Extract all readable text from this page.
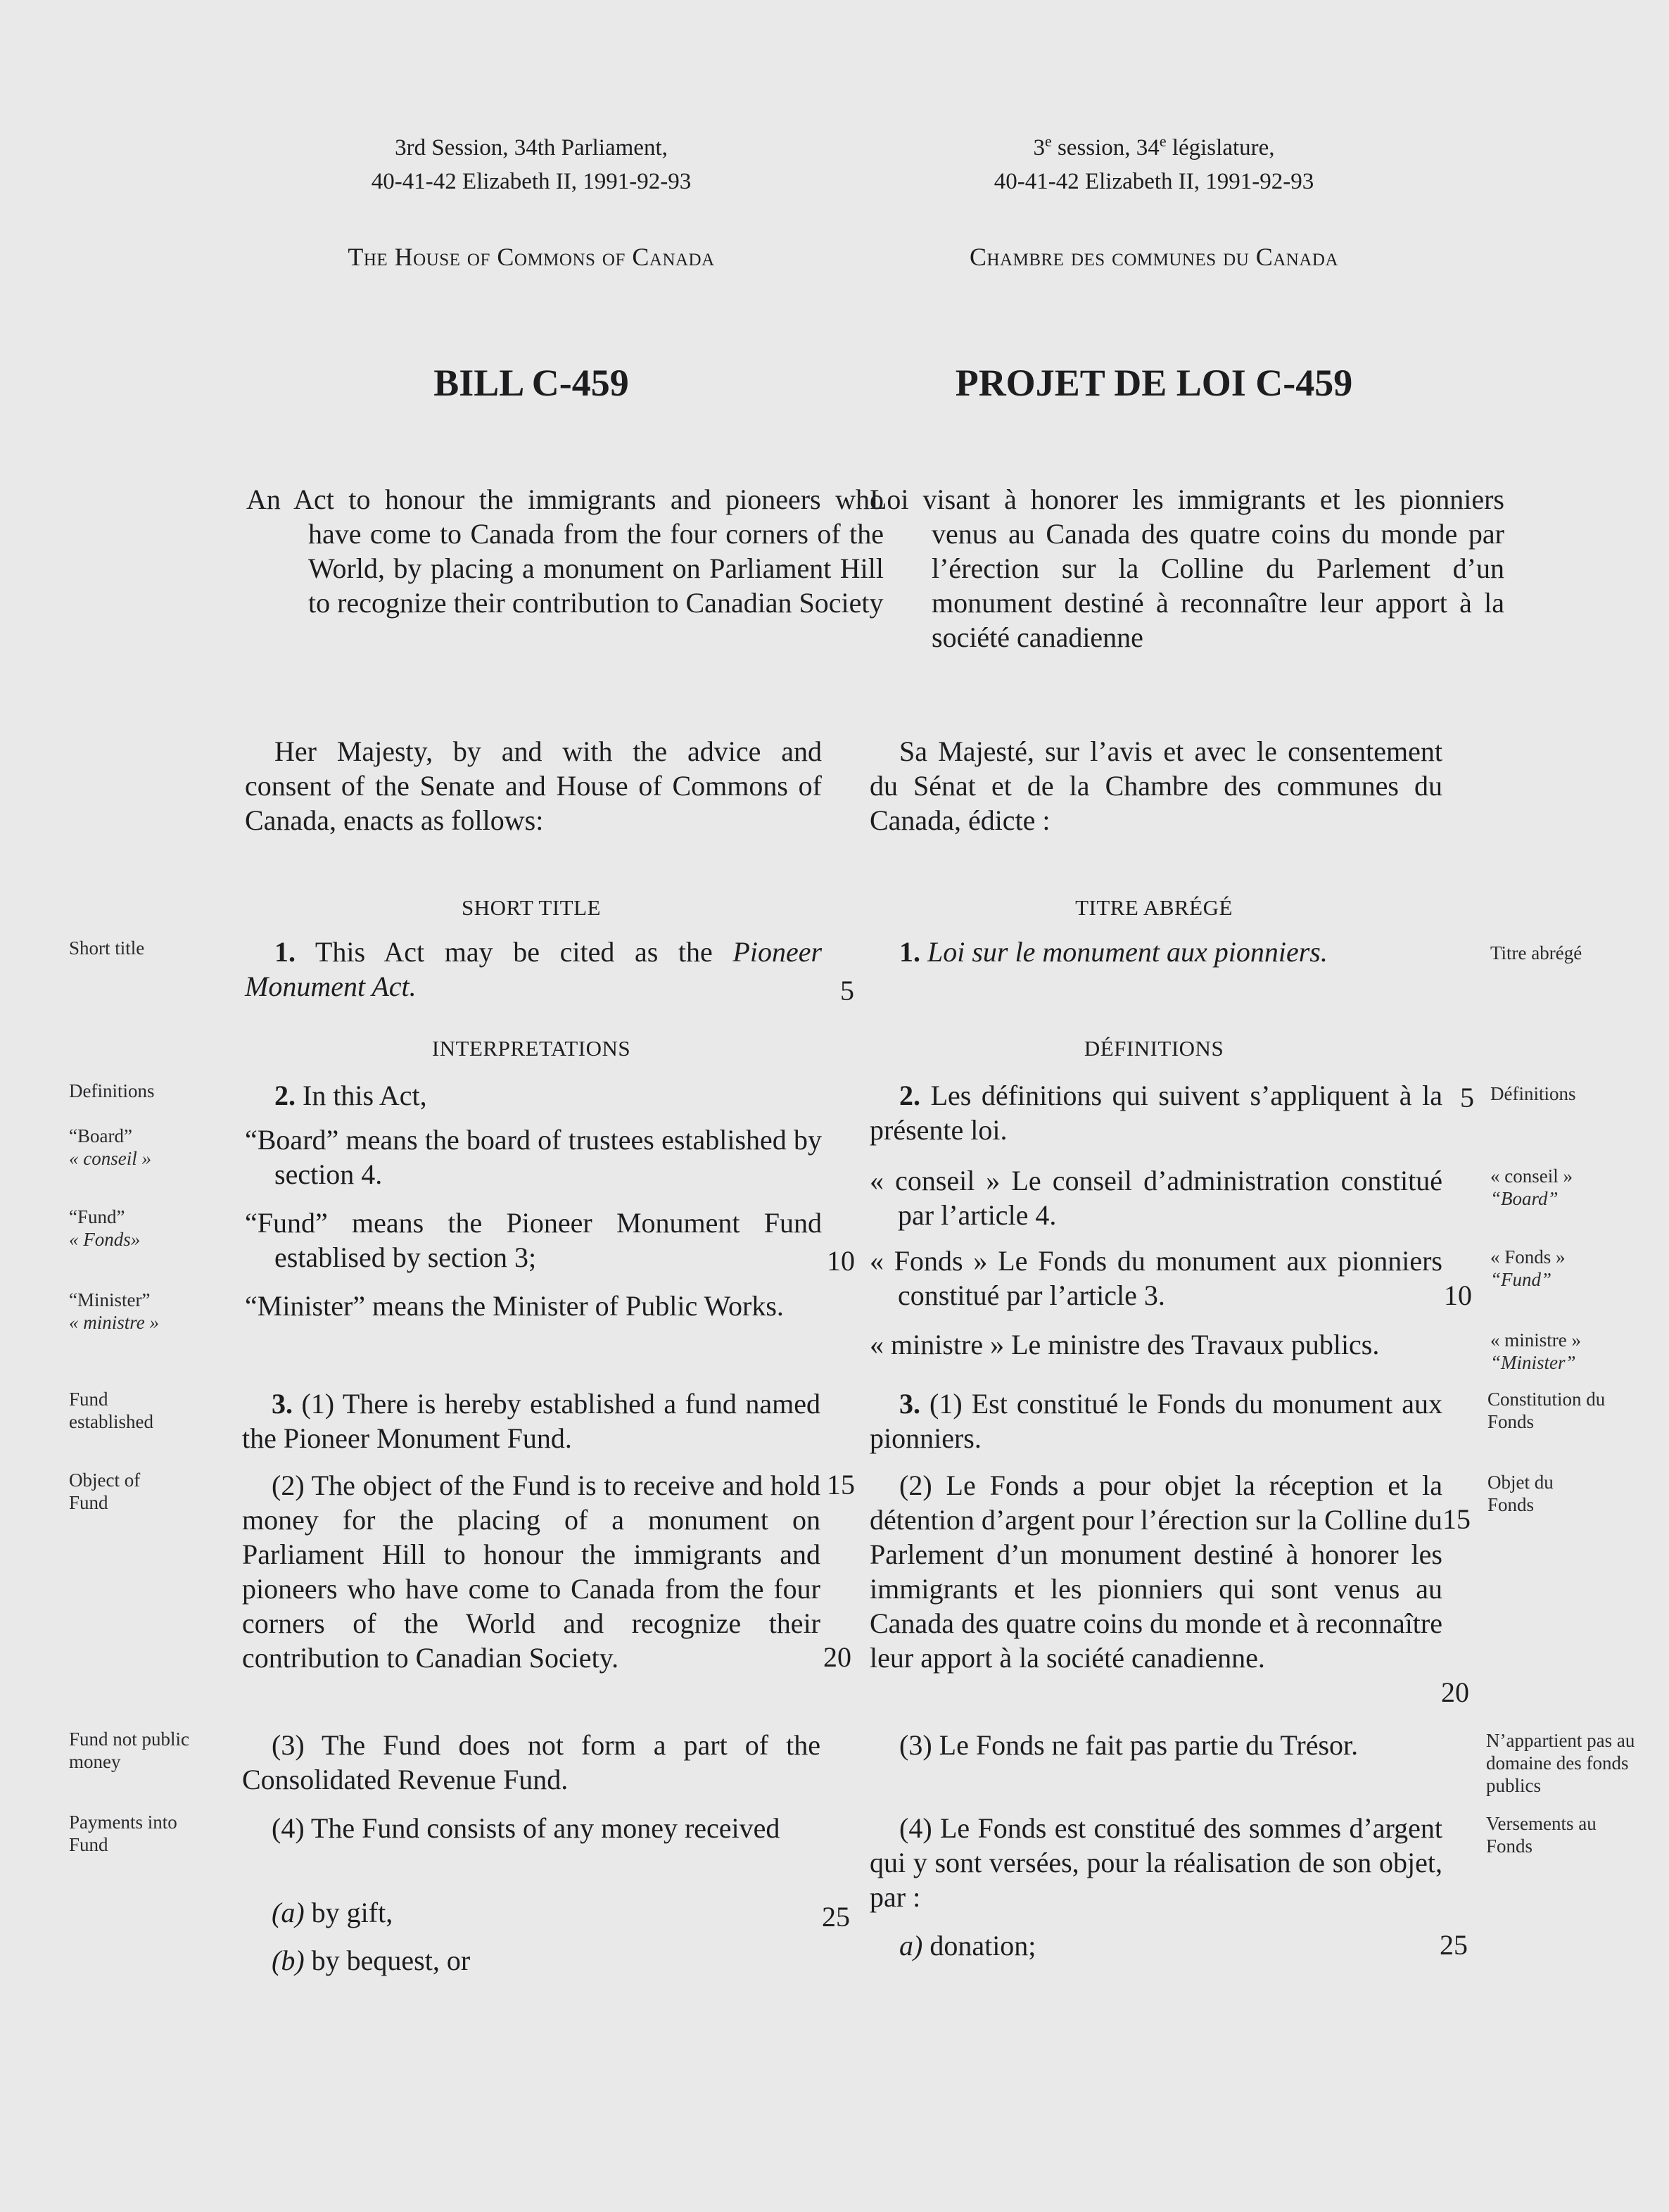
3rd Session, 34th Parliament,
40-41-42 Elizabeth II, 1991-92-93
The House of Commons of Canada
BILL C-459
3e session, 34e législature,
40-41-42 Elizabeth II, 1991-92-93
Chambre des communes du Canada
PROJET DE LOI C-459

An Act to honour the immigrants and pioneers who have come to Canada from the four corners of the World, by placing a monument on Parliament Hill to recognize their contribution to Canadian Society

Loi visant à honorer les immigrants et les pionniers venus au Canada des quatre coins du monde par l’érection sur la Colline du Parlement d’un monument destiné à reconnaître leur apport à la société canadienne

Her Majesty, by and with the advice and consent of the Senate and House of Commons of Canada, enacts as follows:

Sa Majesté, sur l’avis et avec le consentement du Sénat et de la Chambre des communes du Canada, édicte :

SHORT TITLE	TITRE ABRÉGÉ

1. This Act may be cited as the Pioneer Monument Act.

1. Loi sur le monument aux pionniers.

INTERPRETATIONS	DÉFINITIONS

2. In this Act,	2. Les définitions qui suivent s’appliquent à la présente loi.

“Board” means the board of trustees established by section 4.

“Fund” means the Pioneer Monument Fund establised by section 3;

“Minister” means the Minister of Public Works.

« conseil » Le conseil d’administration constitué par l’article 4.

« Fonds » Le Fonds du monument aux pionniers constitué par l’article 3.

« ministre » Le ministre des Travaux publics.

3. (1) There is hereby established a fund named the Pioneer Monument Fund.

(2) The object of the Fund is to receive and hold money for the placing of a monument on Parliament Hill to honour the immigrants and pioneers who have come to Canada from the four corners of the World and recognize their contribution to Canadian Society.

(3) The Fund does not form a part of the Consolidated Revenue Fund.

(4) The Fund consists of any money received

(a) by gift,

(b) by bequest, or

3. (1) Est constitué le Fonds du monument aux pionniers.

(2) Le Fonds a pour objet la réception et la détention d’argent pour l’érection sur la Colline du Parlement d’un monument destiné à honorer les immigrants et les pionniers qui sont venus au Canada des quatre coins du monde et à reconnaître leur apport à la société canadienne.

(3) Le Fonds ne fait pas partie du Trésor.

(4) Le Fonds est constitué des sommes d’argent qui y sont versées, pour la réalisation de son objet, par :

a) donation;

5
10
15
20
25
5
10
15
20
25
Short title
Definitions
“Board”
« conseil »
“Fund”
« Fonds»
“Minister”
« ministre »
Fund established
Object of Fund
Fund not public money
Payments into Fund
Titre abrégé
Définitions
« conseil »
“Board”
« Fonds »
“Fund”
« ministre »
“Minister”
Constitution du Fonds
Objet du Fonds
N’appartient pas au domaine des fonds publics
Versements au Fonds
